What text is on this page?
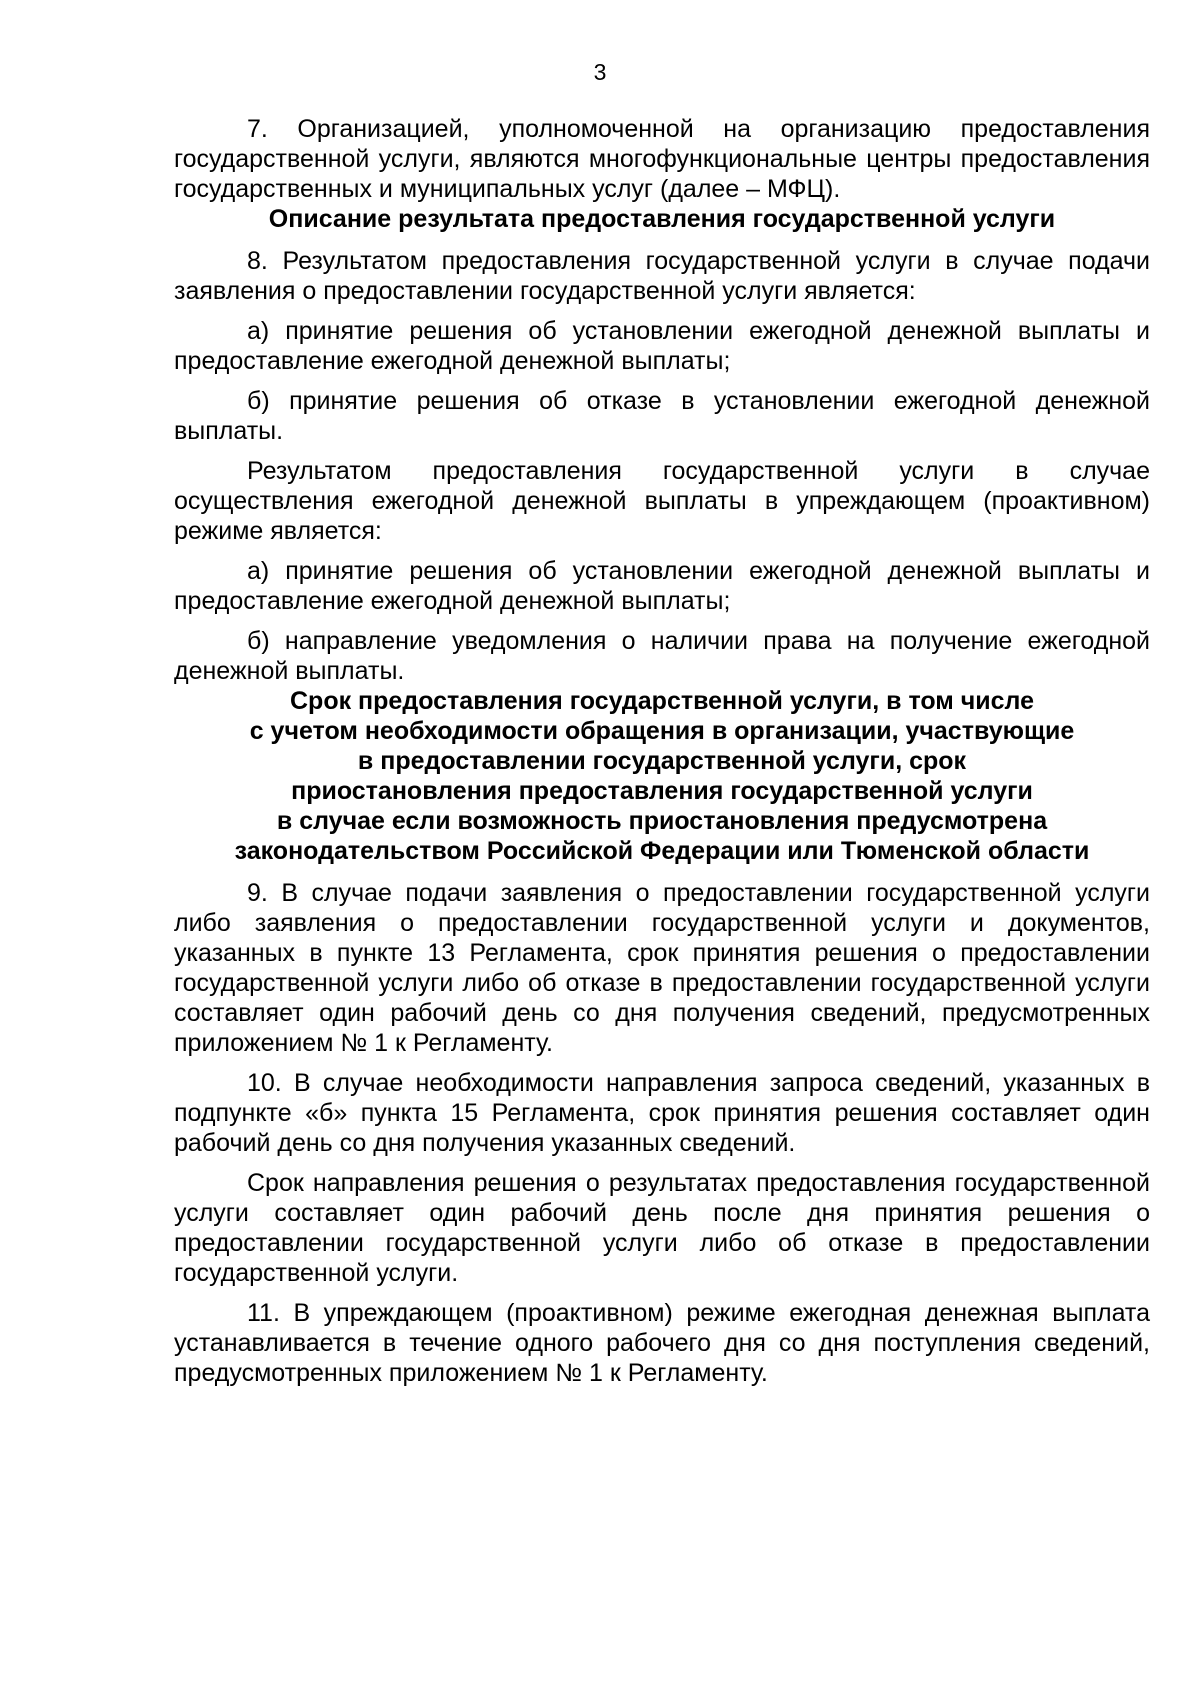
3

7. Организацией, уполномоченной на организацию предоставления государственной услуги, являются многофункциональные центры предоставления государственных и муниципальных услуг (далее – МФЦ).

Описание результата предоставления государственной услуги

8. Результатом предоставления государственной услуги в случае подачи заявления о предоставлении государственной услуги является:

а) принятие решения об установлении ежегодной денежной выплаты и предоставление ежегодной денежной выплаты;

б) принятие решения об отказе в установлении ежегодной денежной выплаты.

Результатом предоставления государственной услуги в случае осуществления ежегодной денежной выплаты в упреждающем (проактивном) режиме является:

а) принятие решения об установлении ежегодной денежной выплаты и предоставление ежегодной денежной выплаты;

б) направление уведомления о наличии права на получение ежегодной денежной выплаты.

Срок предоставления государственной услуги, в том числе
с учетом необходимости обращения в организации, участвующие
в предоставлении государственной услуги, срок
приостановления предоставления государственной услуги
в случае если возможность приостановления предусмотрена
законодательством Российской Федерации или Тюменской области

9. В случае подачи заявления о предоставлении государственной услуги либо заявления о предоставлении государственной услуги и документов, указанных в пункте 13 Регламента, срок принятия решения о предоставлении государственной услуги либо об отказе в предоставлении государственной услуги составляет один рабочий день со дня получения сведений, предусмотренных приложением № 1 к Регламенту.

10. В случае необходимости направления запроса сведений, указанных в подпункте «б» пункта 15 Регламента, срок принятия решения составляет один рабочий день со дня получения указанных сведений.

Срок направления решения о результатах предоставления государственной услуги составляет один рабочий день после дня принятия решения о предоставлении государственной услуги либо об отказе в предоставлении государственной услуги.

11. В упреждающем (проактивном) режиме ежегодная денежная выплата устанавливается в течение одного рабочего дня со дня поступления сведений, предусмотренных приложением № 1 к Регламенту.
